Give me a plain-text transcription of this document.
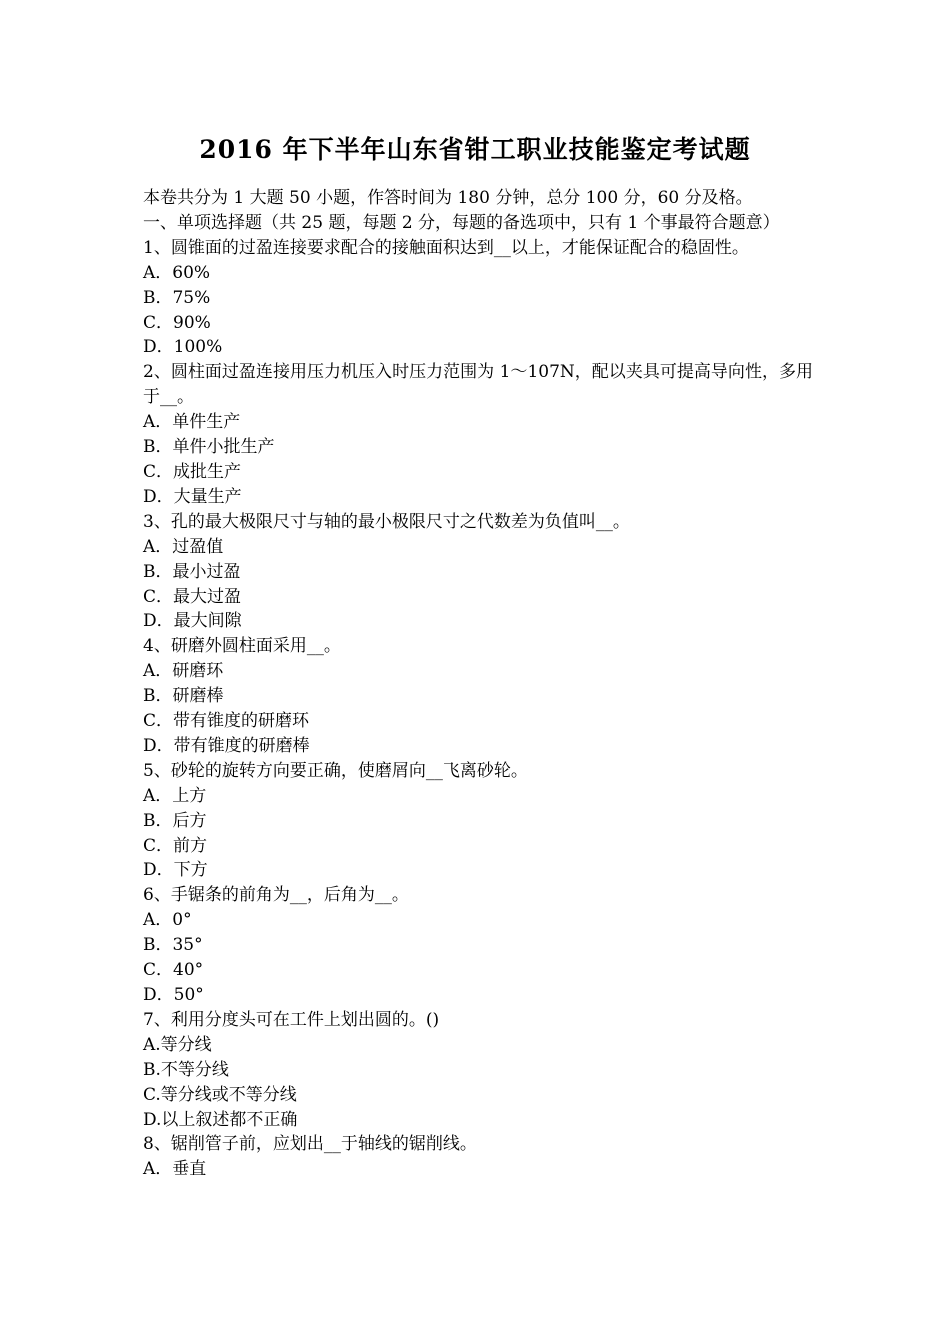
2016 年下半年山东省钳工职业技能鉴定考试题
本卷共分为 1 大题 50 小题，作答时间为 180 分钟，总分 100 分，60 分及格。
一、单项选择题（共 25 题，每题 2 分，每题的备选项中，只有 1 个事最符合题意）
1、圆锥面的过盈连接要求配合的接触面积达到__以上，才能保证配合的稳固性。
A．60%
B．75%
C．90%
D．100%
2、圆柱面过盈连接用压力机压入时压力范围为 1～107N，配以夹具可提高导向性，多用于__。
A．单件生产
B．单件小批生产
C．成批生产
D．大量生产
3、孔的最大极限尺寸与轴的最小极限尺寸之代数差为负值叫__。
A．过盈值
B．最小过盈
C．最大过盈
D．最大间隙
4、研磨外圆柱面采用__。
A．研磨环
B．研磨棒
C．带有锥度的研磨环
D．带有锥度的研磨棒
5、砂轮的旋转方向要正确，使磨屑向__飞离砂轮。
A．上方
B．后方
C．前方
D．下方
6、手锯条的前角为__，后角为__。
A．0°
B．35°
C．40°
D．50°
7、利用分度头可在工件上划出圆的。()
A.等分线
B.不等分线
C.等分线或不等分线
D.以上叙述都不正确
8、锯削管子前，应划出__于轴线的锯削线。
A．垂直
